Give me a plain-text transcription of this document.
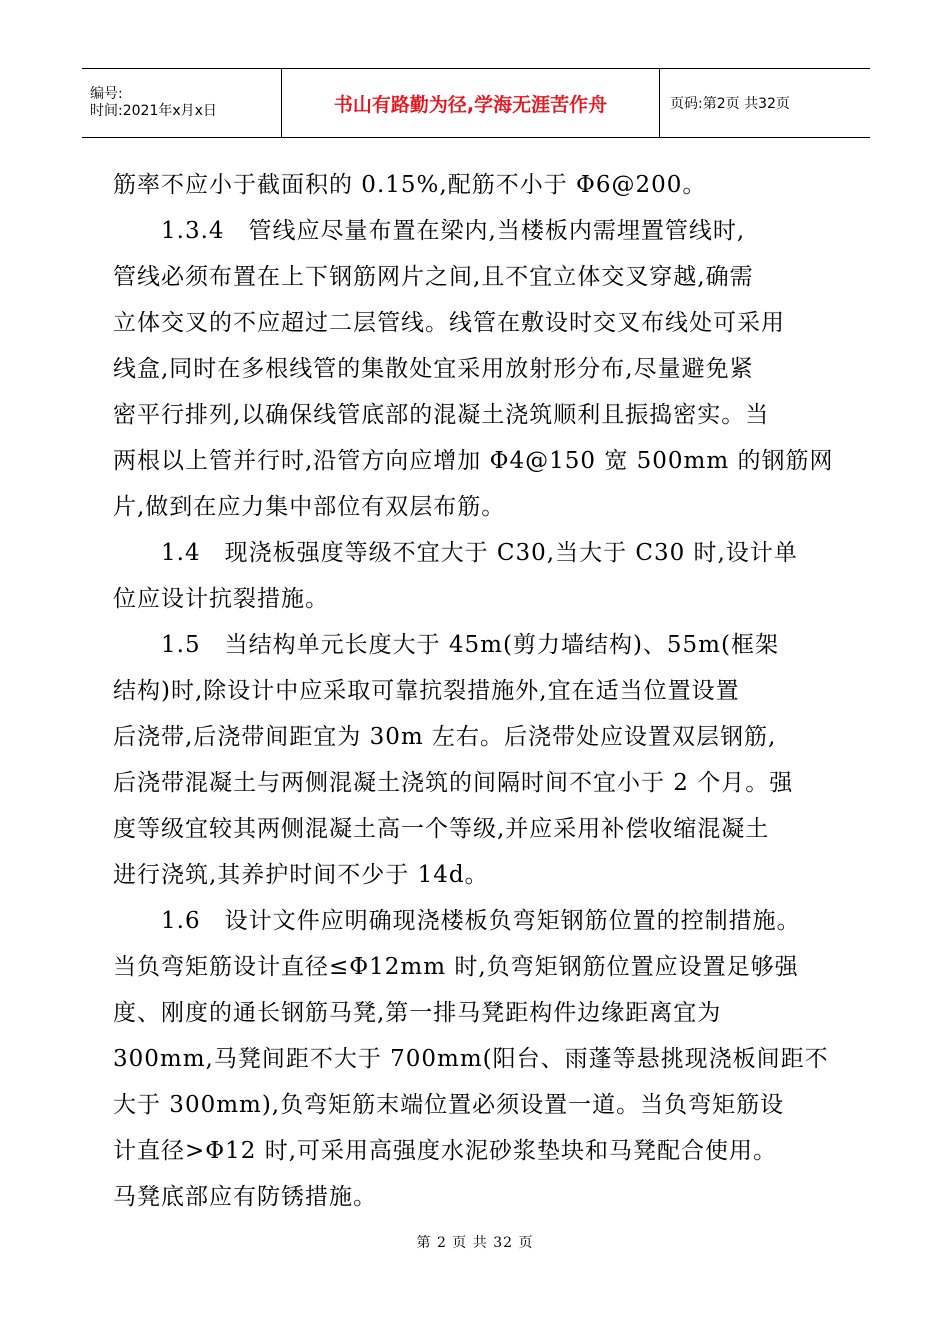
编号:
时间:2021年x月x日	书山有路勤为径,学海无涯苦作舟	页码:第2页 共32页
筋率不应小于截面积的 0.15%,配筋不小于 Φ6@200。
1.3.4　管线应尽量布置在梁内,当楼板内需埋置管线时,
管线必须布置在上下钢筋网片之间,且不宜立体交叉穿越,确需
立体交叉的不应超过二层管线。线管在敷设时交叉布线处可采用
线盒,同时在多根线管的集散处宜采用放射形分布,尽量避免紧
密平行排列,以确保线管底部的混凝土浇筑顺利且振捣密实。当
两根以上管并行时,沿管方向应增加 Φ4@150 宽 500mm 的钢筋网
片,做到在应力集中部位有双层布筋。
1.4　现浇板强度等级不宜大于 C30,当大于 C30 时,设计单
位应设计抗裂措施。
1.5　当结构单元长度大于 45m(剪力墙结构)、55m(框架
结构)时,除设计中应采取可靠抗裂措施外,宜在适当位置设置
后浇带,后浇带间距宜为 30m 左右。后浇带处应设置双层钢筋,
后浇带混凝土与两侧混凝土浇筑的间隔时间不宜小于 2 个月。强
度等级宜较其两侧混凝土高一个等级,并应采用补偿收缩混凝土
进行浇筑,其养护时间不少于 14d。
1.6　设计文件应明确现浇楼板负弯矩钢筋位置的控制措施。
当负弯矩筋设计直径≤Φ12mm 时,负弯矩钢筋位置应设置足够强
度、刚度的通长钢筋马凳,第一排马凳距构件边缘距离宜为
300mm,马凳间距不大于 700mm(阳台、雨蓬等悬挑现浇板间距不
大于 300mm),负弯矩筋末端位置必须设置一道。当负弯矩筋设
计直径>Φ12 时,可采用高强度水泥砂浆垫块和马凳配合使用。
马凳底部应有防锈措施。
第 2 页 共 32 页
